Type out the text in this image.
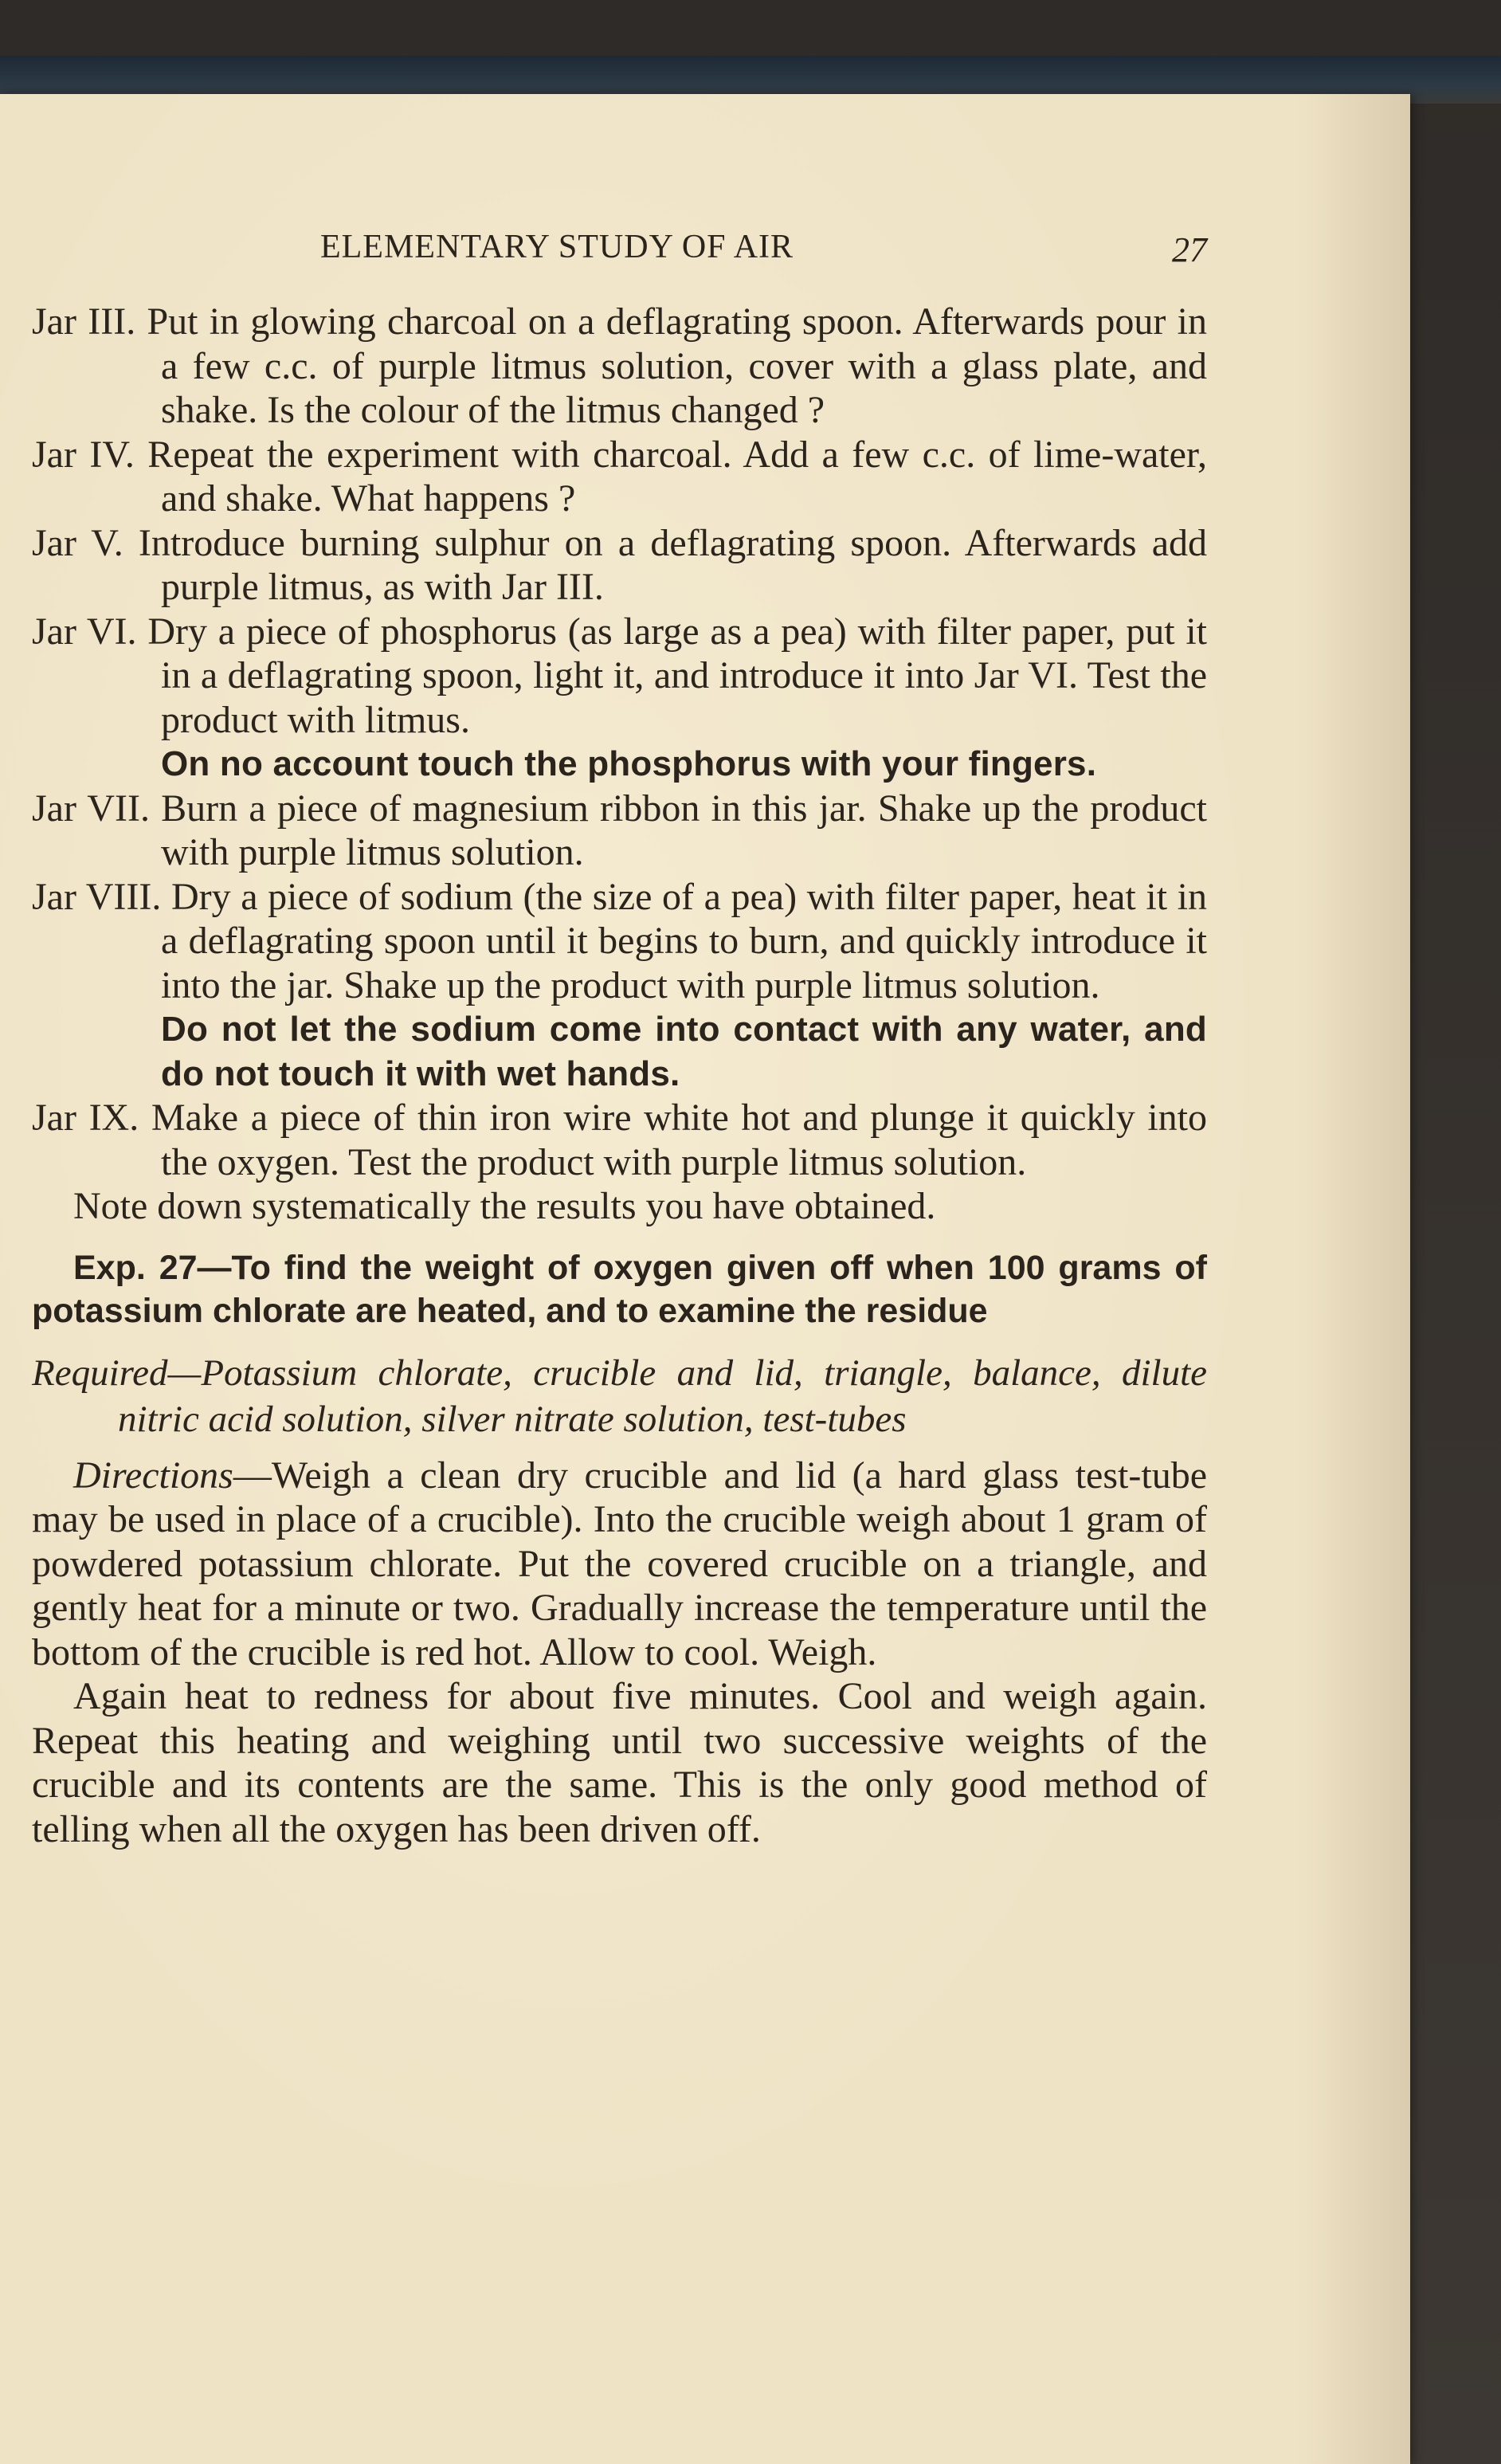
ELEMENTARY STUDY OF AIR	27

Jar III. Put in glowing charcoal on a deflagrating spoon. Afterwards pour in a few c.c. of purple litmus solution, cover with a glass plate, and shake. Is the colour of the litmus changed ?

Jar IV. Repeat the experiment with charcoal. Add a few c.c. of lime-water, and shake. What happens ?

Jar V. Introduce burning sulphur on a deflagrating spoon. Afterwards add purple litmus, as with Jar III.

Jar VI. Dry a piece of phosphorus (as large as a pea) with filter paper, put it in a deflagrating spoon, light it, and introduce it into Jar VI. Test the product with litmus.
On no account touch the phosphorus with your fingers.

Jar VII. Burn a piece of magnesium ribbon in this jar. Shake up the product with purple litmus solution.

Jar VIII. Dry a piece of sodium (the size of a pea) with filter paper, heat it in a deflagrating spoon until it begins to burn, and quickly introduce it into the jar. Shake up the product with purple litmus solution.
Do not let the sodium come into contact with any water, and do not touch it with wet hands.

Jar IX. Make a piece of thin iron wire white hot and plunge it quickly into the oxygen. Test the product with purple litmus solution.

Note down systematically the results you have obtained.

Exp. 27—To find the weight of oxygen given off when 100 grams of potassium chlorate are heated, and to examine the residue

Required—Potassium chlorate, crucible and lid, triangle, balance, dilute nitric acid solution, silver nitrate solution, test-tubes

Directions—Weigh a clean dry crucible and lid (a hard glass test-tube may be used in place of a crucible). Into the crucible weigh about 1 gram of powdered potassium chlorate. Put the covered crucible on a triangle, and gently heat for a minute or two. Gradually increase the temperature until the bottom of the crucible is red hot. Allow to cool. Weigh.

Again heat to redness for about five minutes. Cool and weigh again. Repeat this heating and weighing until two successive weights of the crucible and its contents are the same. This is the only good method of telling when all the oxygen has been driven off.
